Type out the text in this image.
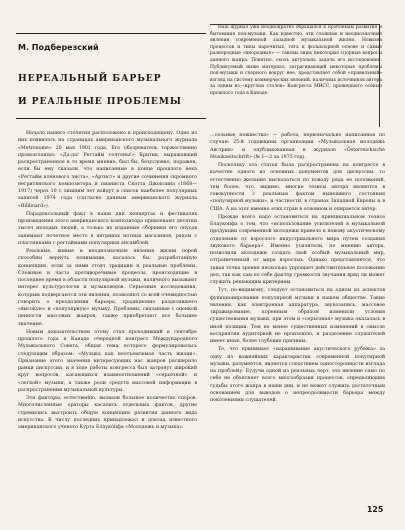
Наш журнал уже неоднократно обращался к проблемам развития и бытования поп-музыки. Как известно, эти сложные и неоднозначные явления современной западной музыкальной жизни. Новизна процессов и типы нарочитых, тяга к фольклорной основе и самые разнородные «инородные» — таковы лишь некоторые спорные вопросы данного жанра. Понятно, сколь актуальна задача его исследования. Публикуемый ниже материал, затрагивающий некоторые проблемы поп-музыки и спорного вокруг нее, представляет собой «правильный» взгляд на систему коммерческих явлений, наличных источников автора за одним из «круглых столов» Конгресса МИСС, прошедшего осенью прошлого года в Канаде.

М. Подберезский
НЕРЕАЛЬНЫЙ БАРЬЕР
И РЕАЛЬНЫЕ ПРОБЛЕМЫ

Начало нашего столетия расположено к происходящему. Одно из них появилось на страницах американского музыкального журнала «Metronome» 20 мая 1901 года. Его обозреватель торжественно провозглашал: «Да-да! Регтайм сочтены!» Критик, выражавший распространенное в то время мнение, был бы, безусловно, поражен, если бы ему сказали, что написанные в конце прошлого века «Регтайм кленового листа», «Артист» и другие сочинения скромного негритянского композитора и пианиста Скотта Джоплина (1868—1917) через 10 с лишним лет войдут в список наиболее популярных записей 1974 года (согласно данным американского журнала «Billboard»).

Парадоксальный факт в наши дни концертах и фестивалях произведения этого американского композитора привлекают десятки тысяч молодых людей, а только их изданные сборники его опусов занимают почетное место в витринах нотных магазинов, рядом с пластинками с регтаймами популярных ансамблей.

Реальные, живые и неоднозначные явления жизни порой способны вернуть понимание, касалось бы, разработанную концепцию, если за ними стоят традиции и реальные проблемы. Сложные и часто противоречивые процессы, происходящие в последнее время в области популярной музыки, наличного вызывают интерес культурологов и музыковедов. Серьезные исследования, которым подвергаются эти явления, позволяют со всей очевидностью говорить о преодолении барьера, традиционно разделявшего «высокую» и «популярную» музыку. Проблемы, связанные с оценкой ценности массовых жанров, также приобретают все большее значение.

Новым доказательством этому стал проходивший в сентябре прошлого года в Канаде очередной конгресс Международного Музыкального Совета, общая тема которого формулировалась следующим образом: «Музыка как неотъемлемая часть жизни». Признание этого значения интересующих нас жанров расширило рамки дискуссии, и в ходе работы конгресса был затронут широкий круг вопросов, касающихся взаимоотношений «серьезной» и «легкой» музыки, а также роли средств массовой информации в распространении музыкальной культуры.

Эти факторы, естественно, вызвали большое количество споров. Многочисленные ораторы касались отдельных фактов, другие стремились выстроить общую концепцию развития данного вида искусства. К числу последних принадлежал и доклад известного американского ученого Курта Блаукопфа «Молодежь и музыка».

…сельные новшества» — работа, первоначально написанная по случаю 25-й годовщины организации «Музыкальная молодежь Австрии» и опубликованная в журнале «Österreichische Musikzeitschrift» (№ 1—2 за 1975 год).

Поскольку эта статья была распространена на конгрессе в качестве одного из основных документов для дискуссии, то естественно желание высказаться по поводу ряда ее положений, тем более, что, видимо, многие тезисы автора являются в совокупности с реальным фактом нынешнего состояния «популярной музыки», и частности, в странах Западной Европы и в США. А на этот именно этих стран в основном и опирается автор.

Прежде всего надо остановиться на принципиальном тезисе Блаукопфа о том, что «использование усилителей в музыкальной продукции современной молодежи привело к новому акустическому отделению от взрослого индустриального мира путем создания звукового барьера». Именно усилители, по мнению автора, позволили молодежи создать свой особый музыкальный мир, отграниченный от мира взрослых. Однако представляется, что такая точка зрения несколько упрощает действительное положение дел, так как сам по себе фактор громкости звучания вряд ли может служить решающим критерием.

Тут, по-видимому, следует остановиться на одном из аспектов функционирования популярной музыки в нашем обществе. Такие явления, как электронная аппаратура, звукозапись, массовое тиражирование, коренным образом изменили условия существования музыки, при этом и «серьезная» музыка оказалась в иной позиции. Тем не менее существенных изменений в смысле восприятия аудиторией не произошло, и разделение слушателей имеет иные, более глубокие причины.

То, что принимает «нарашивание акустического рубежа» за одну из важнейших характеристик современной популярной музыки, разумеется, является следствием односторонности взгляда на проблему. Будучи одной из реальных черт, это явление само по себе не объясняет всего многообразия процессов, определяющих судьбы этого жанра в наши дни, и не может служить достаточным основанием для выводов о непреодолимости барьера между поколениями слушателей.

125
